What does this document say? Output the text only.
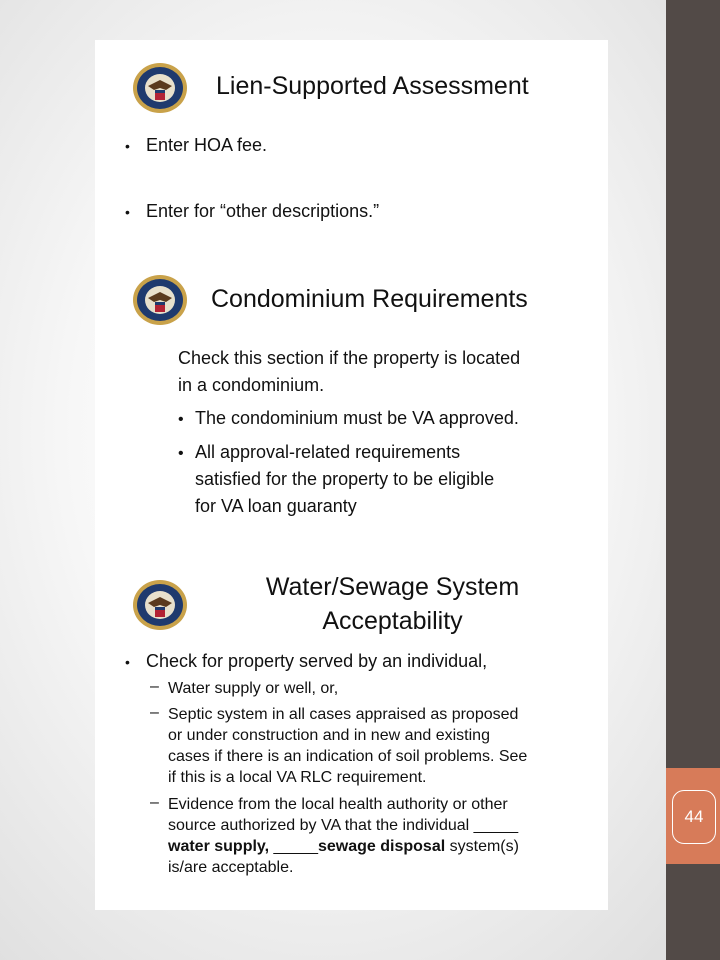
44
Lien-Supported Assessment
• Enter HOA fee.
• Enter for “other descriptions.”
Condominium Requirements
Check this section if the property is located
in a condominium.
• The condominium must be VA approved.
• All approval-related requirements
satisfied for the property to be eligible
for VA loan guaranty
Water/Sewage System
Acceptability
• Check for property served by an individual,
– Water supply or well, or,
– Septic system in all cases appraised as proposed
or under construction and in new and existing
cases if there is an indication of soil problems. See
if this is a local VA RLC requirement.
– Evidence from the local health authority or other
source authorized by VA that the individual _____
water supply, _____sewage disposal system(s)
is/are acceptable.
